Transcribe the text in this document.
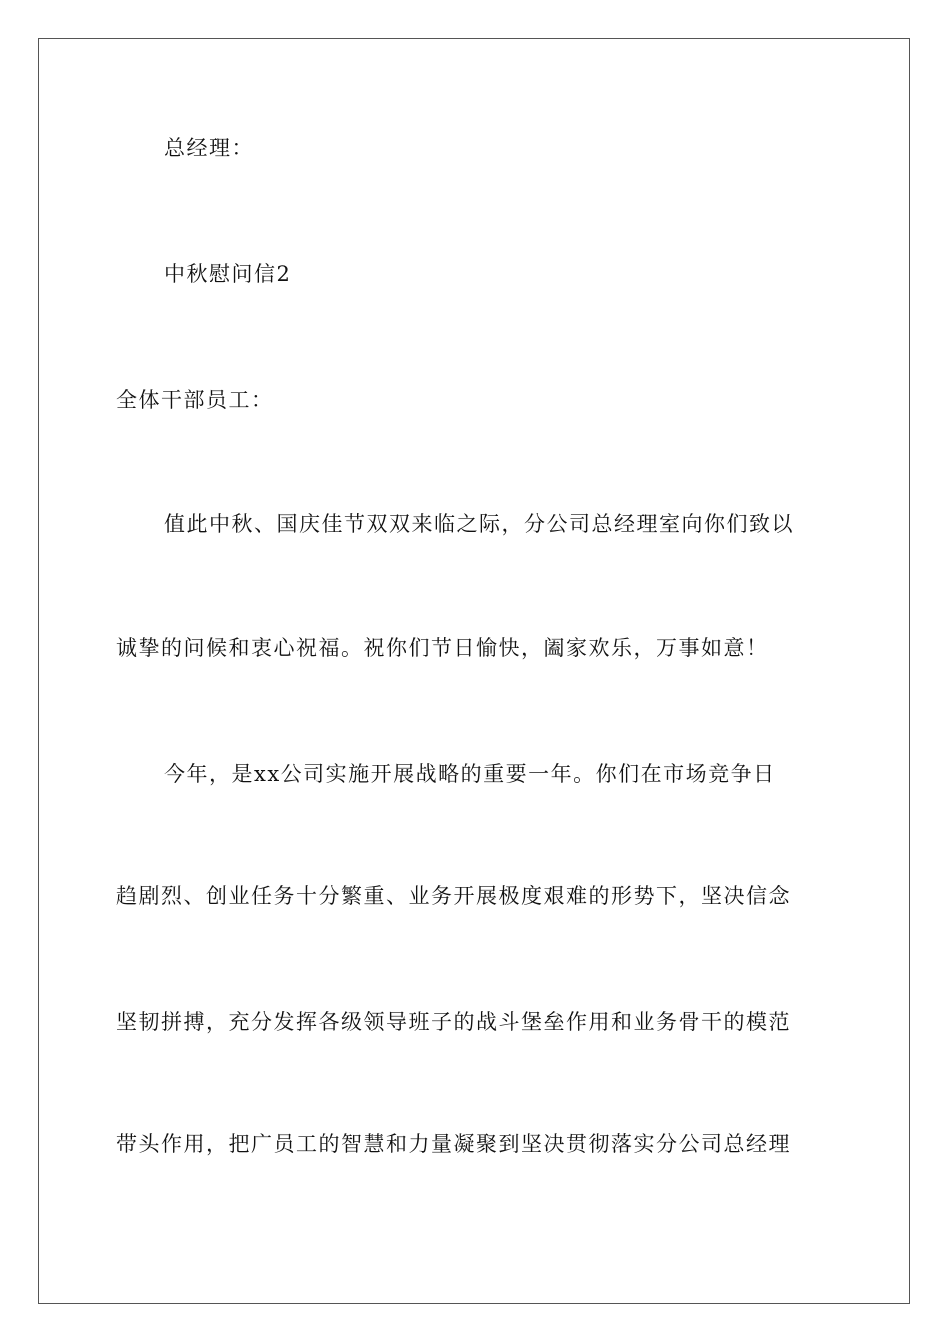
总经理：
中秋慰问信2
全体干部员工：
值此中秋、国庆佳节双双来临之际，分公司总经理室向你们致以
诚挚的问候和衷心祝福。祝你们节日愉快，阖家欢乐，万事如意！
今年，是xx公司实施开展战略的重要一年。你们在市场竞争日
趋剧烈、创业任务十分繁重、业务开展极度艰难的形势下，坚决信念
坚韧拼搏，充分发挥各级领导班子的战斗堡垒作用和业务骨干的模范
带头作用，把广员工的智慧和力量凝聚到坚决贯彻落实分公司总经理
